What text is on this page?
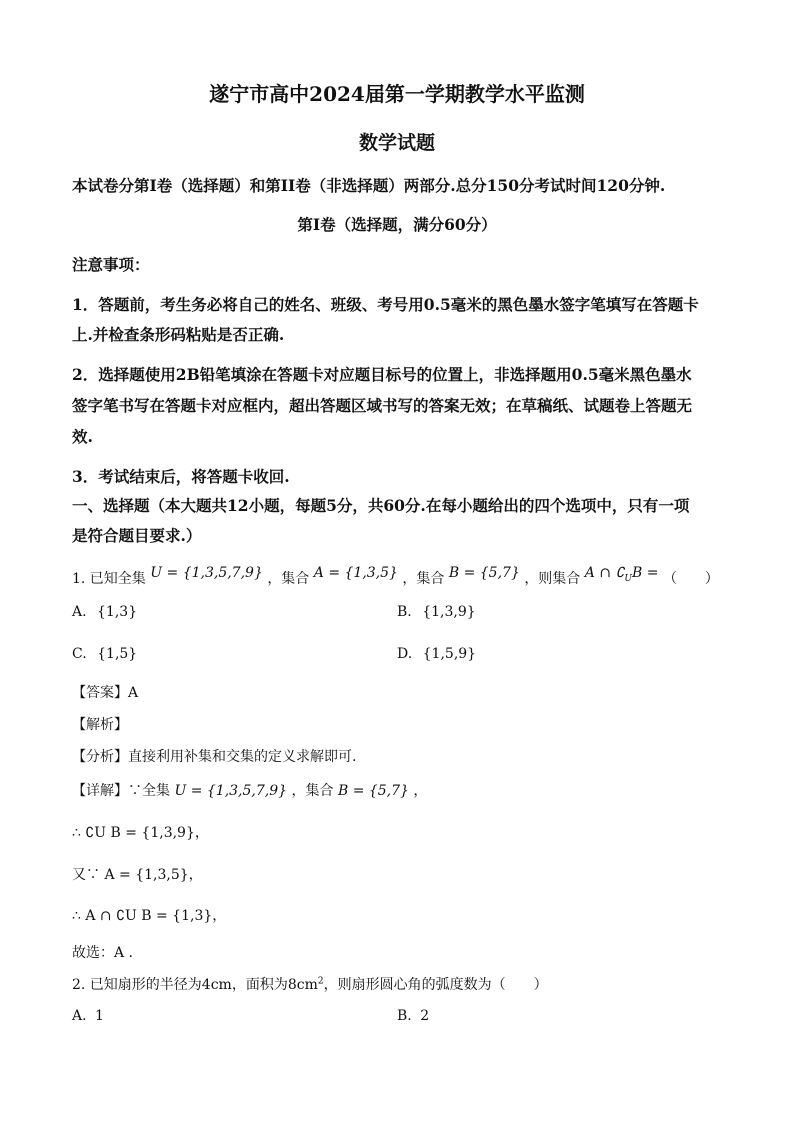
遂宁市高中2024届第一学期教学水平监测
数学试题
本试卷分第I卷（选择题）和第II卷（非选择题）两部分.总分150分考试时间120分钟.
第I卷（选择题，满分60分）
注意事项：
1．答题前，考生务必将自己的姓名、班级、考号用0.5毫米的黑色墨水签字笔填写在答题卡
上.并检查条形码粘贴是否正确.
2．选择题使用2B铅笔填涂在答题卡对应题目标号的位置上，非选择题用0.5毫米黑色墨水
签字笔书写在答题卡对应框内，超出答题区域书写的答案无效；在草稿纸、试题卷上答题无
效.
3．考试结束后，将答题卡收回.
一、选择题（本大题共12小题，每题5分，共60分.在每小题给出的四个选项中，只有一项
是符合题目要求.）
1. 已知全集 U = {1,3,5,7,9} ，集合 A = {1,3,5} ，集合 B = {5,7} ，则集合 A ∩ $∁_UB$ = （　　）
A. {1,3}	B. {1,3,9}
C. {1,5}	D. {1,5,9}
【答案】A
【解析】
【分析】直接利用补集和交集的定义求解即可.
【详解】∵全集 U = {1,3,5,7,9} ，集合 B = {5,7} ，
∴ ∁U B = {1,3,9}，
又∵ A = {1,3,5}，
∴ A ∩ ∁U B = {1,3}，
故选：A .
2. 已知扇形的半径为4cm，面积为$8cm^2$，则扇形圆心角的弧度数为（　　）
A. 1	B. 2
